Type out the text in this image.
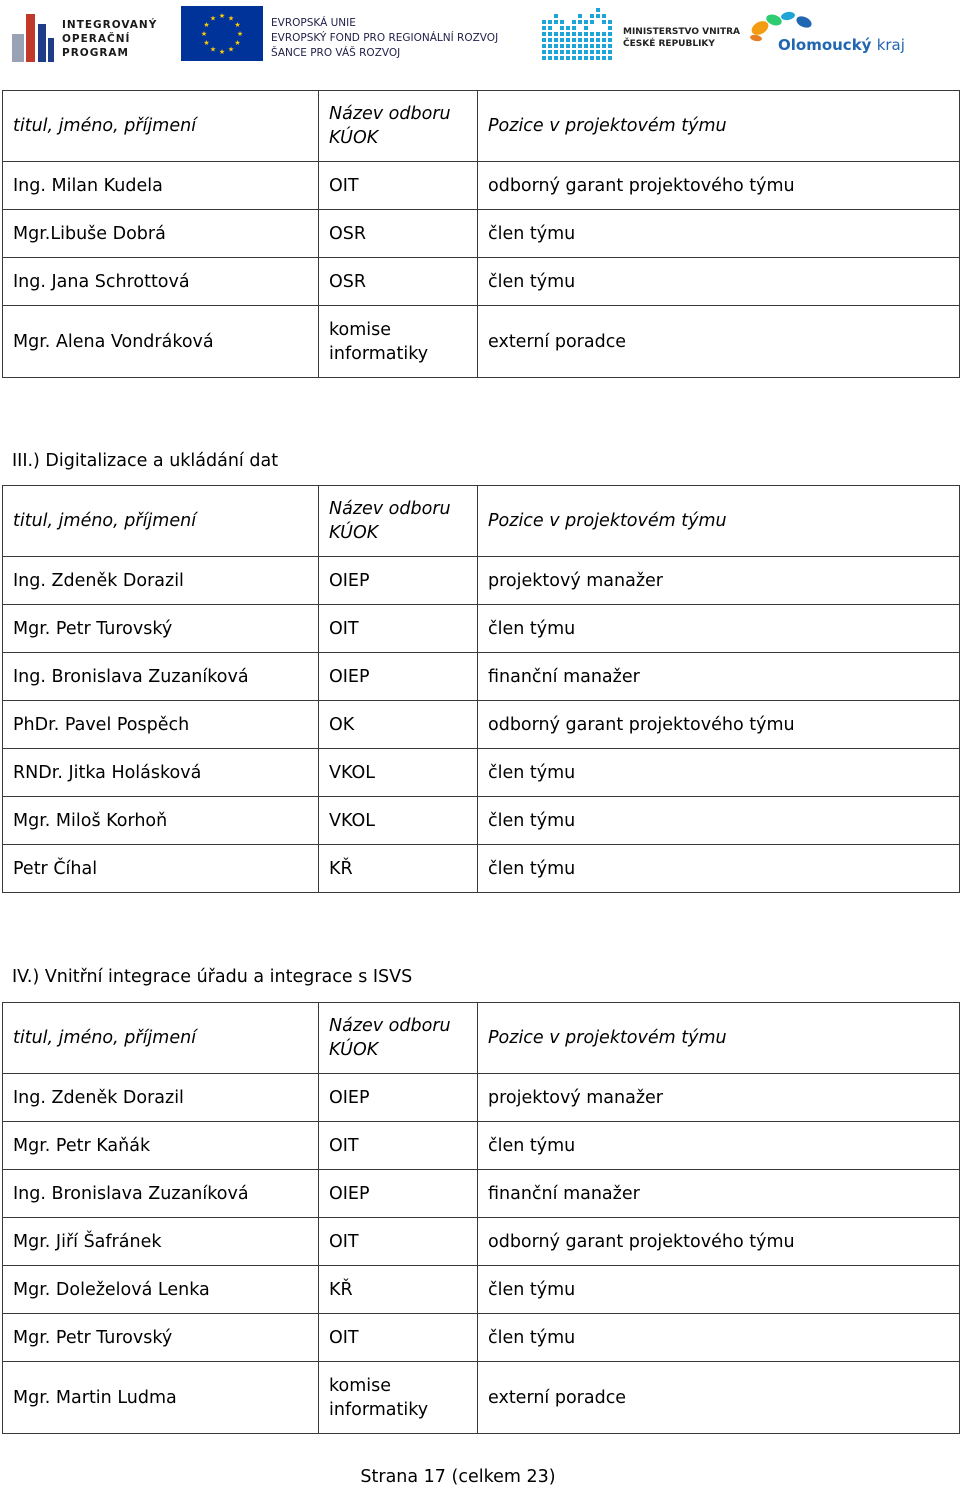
INTEGROVANÝ
OPERAČNÍ
PROGRAM
★ ★
★
★
★
★
★
★
★
★
★
★	EVROPSKÁ UNIE
EVROPSKÝ FOND PRO REGIONÁLNÍ ROZVOJ
ŠANCE PRO VÁŠ ROZVOJ
MINISTERSTVO VNITRA
ČESKÉ REPUBLIKY	Olomoucký kraj
titul, jméno, příjmení	Název odboru KÚOK	Pozice v projektovém týmu
Ing. Milan Kudela	OIT	odborný garant projektového týmu
Mgr.Libuše Dobrá	OSR	člen týmu
Ing. Jana Schrottová	OSR	člen týmu
Mgr. Alena Vondráková	komise informatiky	externí poradce
III.) Digitalizace a ukládání dat
titul, jméno, příjmení	Název odboru KÚOK	Pozice v projektovém týmu
Ing. Zdeněk Dorazil	OIEP	projektový manažer
Mgr. Petr Turovský	OIT	člen týmu
Ing. Bronislava Zuzaníková	OIEP	finanční manažer
PhDr. Pavel Pospěch	OK	odborný garant projektového týmu
RNDr. Jitka Holásková	VKOL	člen týmu
Mgr. Miloš Korhoň	VKOL	člen týmu
Petr Číhal	KŘ	člen týmu
IV.) Vnitřní integrace úřadu a integrace s ISVS
titul, jméno, příjmení	Název odboru KÚOK	Pozice v projektovém týmu
Ing. Zdeněk Dorazil	OIEP	projektový manažer
Mgr. Petr Kaňák	OIT	člen týmu
Ing. Bronislava Zuzaníková	OIEP	finanční manažer
Mgr. Jiří Šafránek	OIT	odborný garant projektového týmu
Mgr. Doleželová Lenka	KŘ	člen týmu
Mgr. Petr Turovský	OIT	člen týmu
Mgr. Martin Ludma	komise informatiky	externí poradce
Strana 17 (celkem 23)
